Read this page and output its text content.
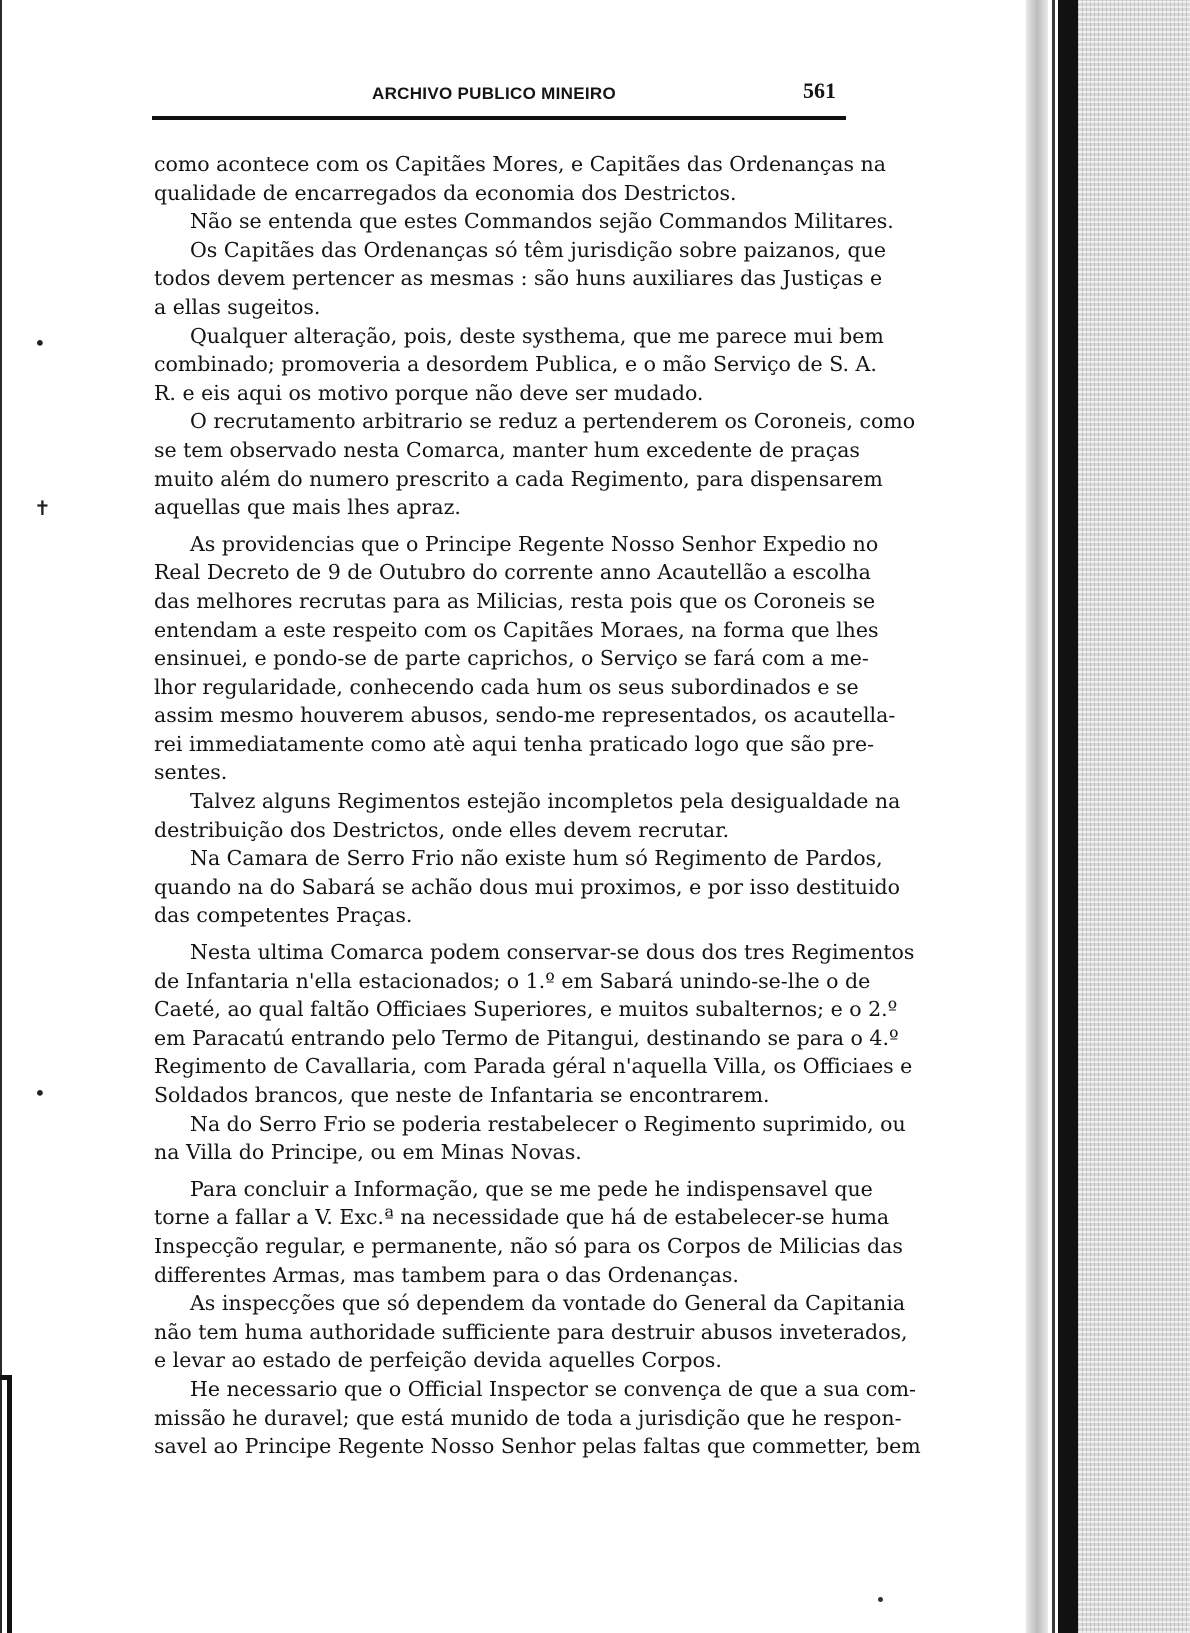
•
✝
•
ARCHIVO PUBLICO MINEIRO	561
como acontece com os Capitães Mores, e Capitães das Ordenanças na
qualidade de encarregados da economia dos Destrictos.
Não se entenda que estes Commandos sejão Commandos Militares.
Os Capitães das Ordenanças só têm jurisdição sobre paizanos, que
todos devem pertencer as mesmas : são huns auxiliares das Justiças e
a ellas sugeitos.
Qualquer alteração, pois, deste systhema, que me parece mui bem
combinado; promoveria a desordem Publica, e o mão Serviço de S. A.
R. e eis aqui os motivo porque não deve ser mudado.
O recrutamento arbitrario se reduz a pertenderem os Coroneis, como
se tem observado nesta Comarca, manter hum excedente de praças
muito além do numero prescrito a cada Regimento, para dispensarem
aquellas que mais lhes apraz.
As providencias que o Principe Regente Nosso Senhor Expedio no
Real Decreto de 9 de Outubro do corrente anno Acautellão a escolha
das melhores recrutas para as Milicias, resta pois que os Coroneis se
entendam a este respeito com os Capitães Moraes, na forma que lhes
ensinuei, e pondo-se de parte caprichos, o Serviço se fará com a me-
lhor regularidade, conhecendo cada hum os seus subordinados e se
assim mesmo houverem abusos, sendo-me representados, os acautella-
rei immediatamente como atè aqui tenha praticado logo que são pre-
sentes.
Talvez alguns Regimentos estejão incompletos pela desigualdade na
destribuição dos Destrictos, onde elles devem recrutar.
Na Camara de Serro Frio não existe hum só Regimento de Pardos,
quando na do Sabará se achão dous mui proximos, e por isso destituido
das competentes Praças.
Nesta ultima Comarca podem conservar-se dous dos tres Regimentos
de Infantaria n'ella estacionados; o 1.º em Sabará unindo-se-lhe o de
Caeté, ao qual faltão Officiaes Superiores, e muitos subalternos; e o 2.º
em Paracatú entrando pelo Termo de Pitangui, destinando se para o 4.º
Regimento de Cavallaria, com Parada géral n'aquella Villa, os Officiaes e
Soldados brancos, que neste de Infantaria se encontrarem.
Na do Serro Frio se poderia restabelecer o Regimento suprimido, ou
na Villa do Principe, ou em Minas Novas.
Para concluir a Informação, que se me pede he indispensavel que
torne a fallar a V. Exc.ª na necessidade que há de estabelecer-se huma
Inspecção regular, e permanente, não só para os Corpos de Milicias das
differentes Armas, mas tambem para o das Ordenanças.
As inspecções que só dependem da vontade do General da Capitania
não tem huma authoridade sufficiente para destruir abusos inveterados,
e levar ao estado de perfeição devida aquelles Corpos.
He necessario que o Official Inspector se convença de que a sua com-
missão he duravel; que está munido de toda a jurisdição que he respon-
savel ao Principe Regente Nosso Senhor pelas faltas que commetter, bem
